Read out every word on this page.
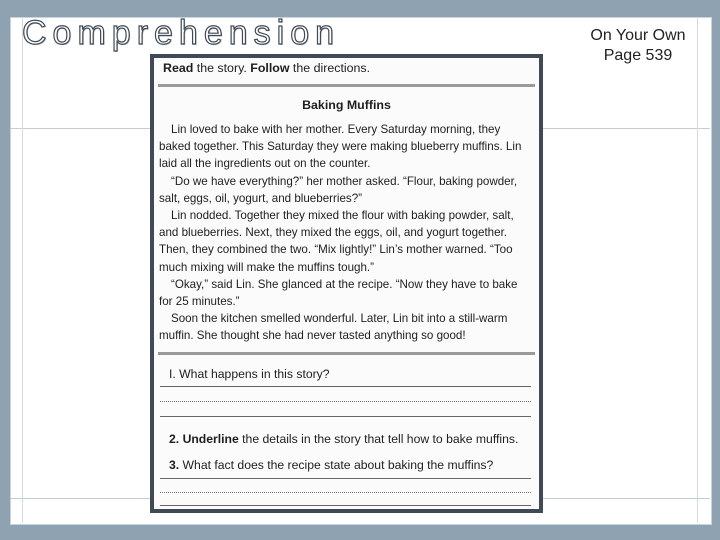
Comprehension	On Your Own
Page 539
Read the story. Follow the directions.
Baking Muffins

Lin loved to bake with her mother. Every Saturday morning, they baked together. This Saturday they were making blueberry muffins. Lin laid all the ingredients out on the counter.

“Do we have everything?” her mother asked. “Flour, baking powder, salt, eggs, oil, yogurt, and blueberries?”

Lin nodded. Together they mixed the flour with baking powder, salt, and blueberries. Next, they mixed the eggs, oil, and yogurt together. Then, they combined the two. “Mix lightly!” Lin’s mother warned. “Too much mixing will make the muffins tough.”

“Okay,” said Lin. She glanced at the recipe. “Now they have to bake for 25 minutes.”

Soon the kitchen smelled wonderful. Later, Lin bit into a still-warm muffin. She thought she had never tasted anything so good!

I. What happens in this story?
2. Underline the details in the story that tell how to bake muffins.
3. What fact does the recipe state about baking the muffins?
